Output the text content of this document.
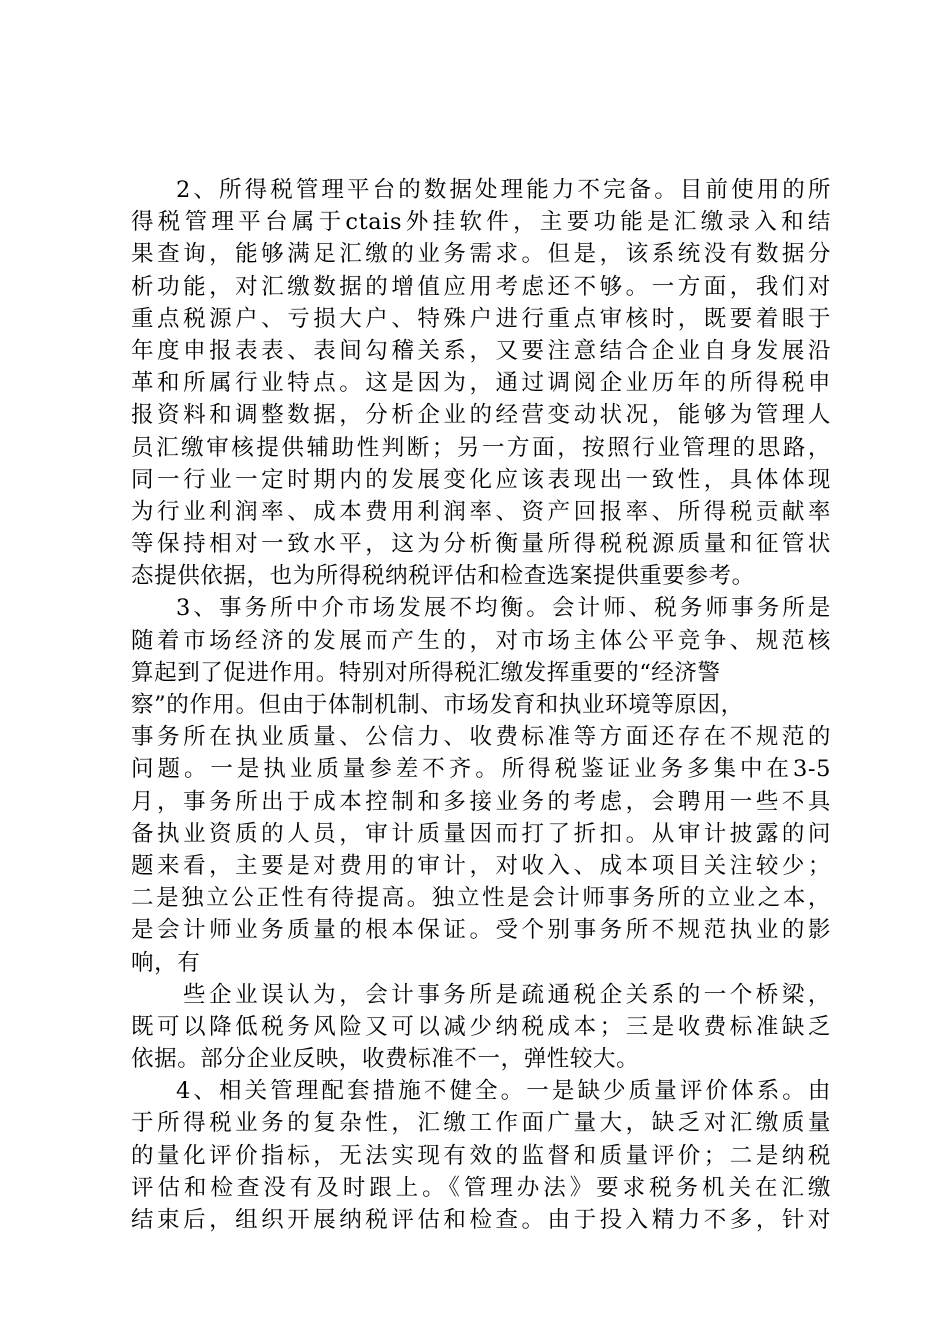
2、所得税管理平台的数据处理能力不完备。目前使用的所
得税管理平台属于ctais外挂软件，主要功能是汇缴录入和结
果查询，能够满足汇缴的业务需求。但是，该系统没有数据分
析功能，对汇缴数据的增值应用考虑还不够。一方面，我们对
重点税源户、亏损大户、特殊户进行重点审核时，既要着眼于
年度申报表表、表间勾稽关系，又要注意结合企业自身发展沿
革和所属行业特点。这是因为，通过调阅企业历年的所得税申
报资料和调整数据，分析企业的经营变动状况，能够为管理人
员汇缴审核提供辅助性判断；另一方面，按照行业管理的思路，
同一行业一定时期内的发展变化应该表现出一致性，具体体现
为行业利润率、成本费用利润率、资产回报率、所得税贡献率
等保持相对一致水平，这为分析衡量所得税税源质量和征管状
态提供依据，也为所得税纳税评估和检查选案提供重要参考。
3、事务所中介市场发展不均衡。会计师、税务师事务所是
随着市场经济的发展而产生的，对市场主体公平竞争、规范核
算起到了促进作用。特别对所得税汇缴发挥重要的“经济警
察”的作用。但由于体制机制、市场发育和执业环境等原因，
事务所在执业质量、公信力、收费标准等方面还存在不规范的
问题。一是执业质量参差不齐。所得税鉴证业务多集中在3-5
月，事务所出于成本控制和多接业务的考虑，会聘用一些不具
备执业资质的人员，审计质量因而打了折扣。从审计披露的问
题来看，主要是对费用的审计，对收入、成本项目关注较少；
二是独立公正性有待提高。独立性是会计师事务所的立业之本，
是会计师业务质量的根本保证。受个别事务所不规范执业的影
响，有
些企业误认为，会计事务所是疏通税企关系的一个桥梁，
既可以降低税务风险又可以减少纳税成本；三是收费标准缺乏
依据。部分企业反映，收费标准不一，弹性较大。
4、相关管理配套措施不健全。一是缺少质量评价体系。由
于所得税业务的复杂性，汇缴工作面广量大，缺乏对汇缴质量
的量化评价指标，无法实现有效的监督和质量评价；二是纳税
评估和检查没有及时跟上。《管理办法》要求税务机关在汇缴
结束后，组织开展纳税评估和检查。由于投入精力不多，针对
